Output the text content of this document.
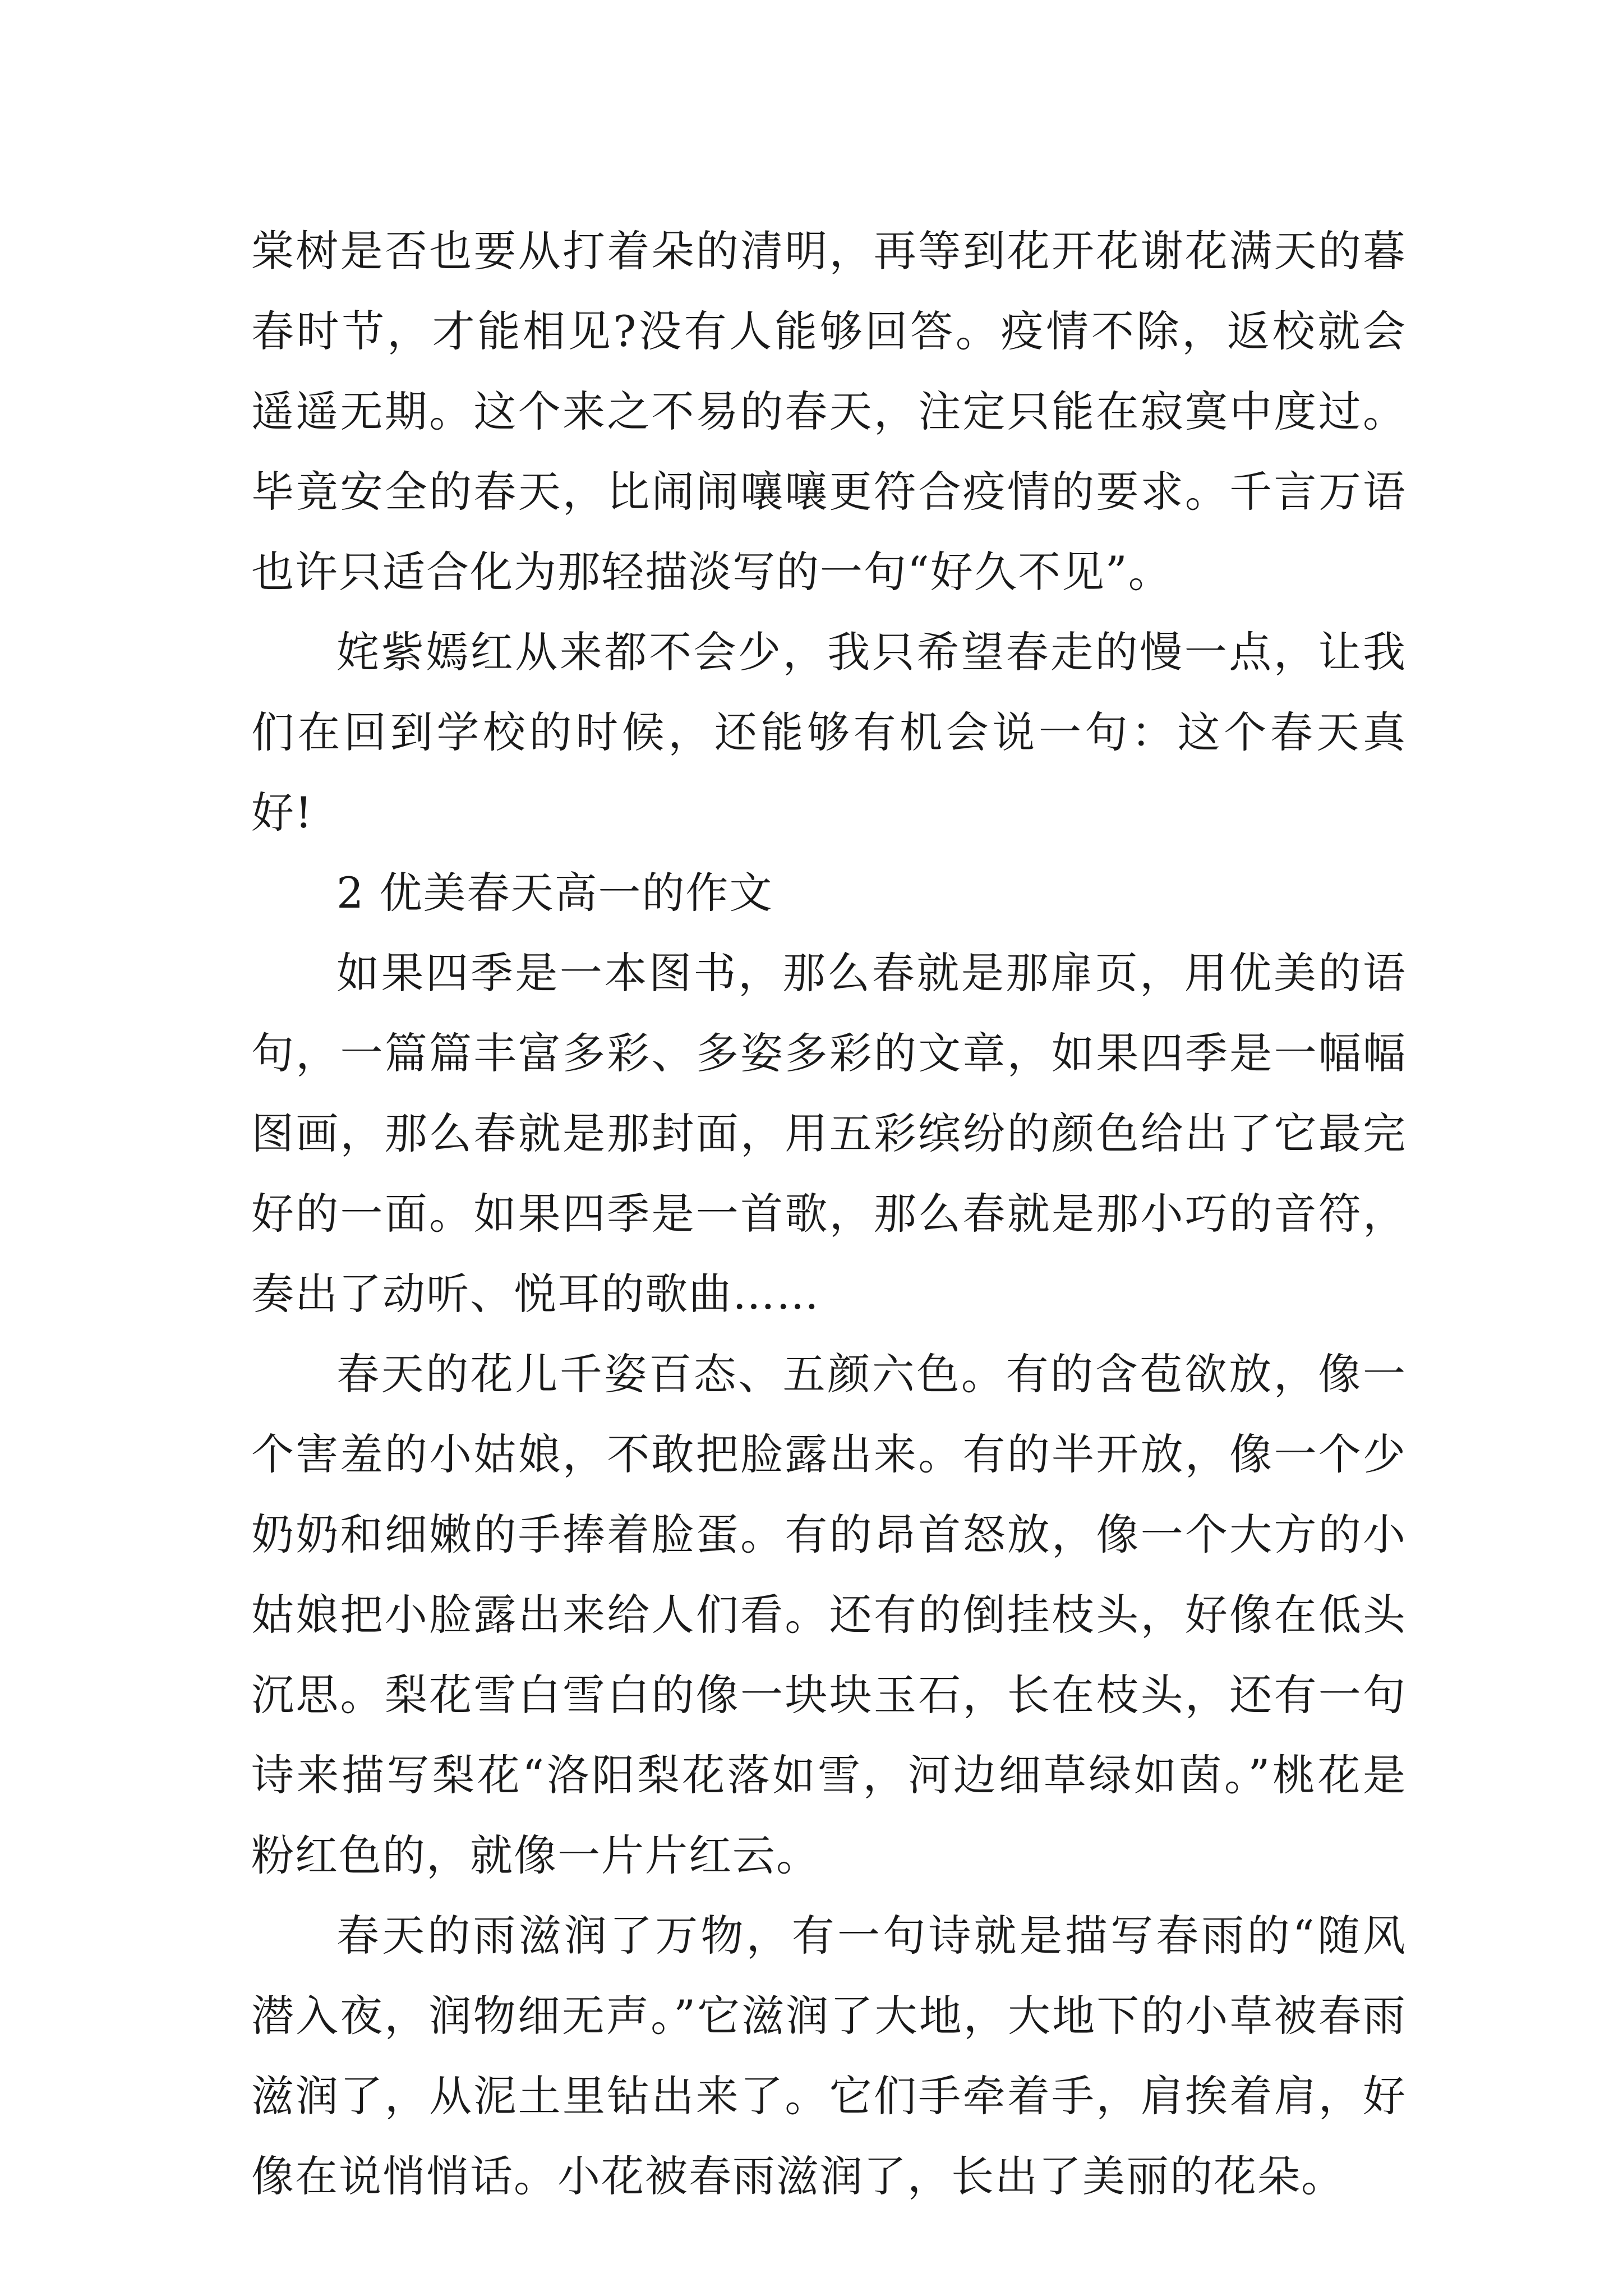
棠树是否也要从打着朵的清明，再等到花开花谢花满天的暮春时节，才能相见?没有人能够回答。疫情不除，返校就会遥遥无期。这个来之不易的春天，注定只能在寂寞中度过。毕竟安全的春天，比闹闹嚷嚷更符合疫情的要求。千言万语也许只适合化为那轻描淡写的一句“好久不见”。

姹紫嫣红从来都不会少，我只希望春走的慢一点，让我们在回到学校的时候，还能够有机会说一句：这个春天真好!

2 优美春天高一的作文

如果四季是一本图书，那么春就是那扉页，用优美的语句，一篇篇丰富多彩、多姿多彩的文章，如果四季是一幅幅图画，那么春就是那封面，用五彩缤纷的颜色给出了它最完好的一面。如果四季是一首歌，那么春就是那小巧的音符，奏出了动听、悦耳的歌曲……

春天的花儿千姿百态、五颜六色。有的含苞欲放，像一个害羞的小姑娘，不敢把脸露出来。有的半开放，像一个少奶奶和细嫩的手捧着脸蛋。有的昂首怒放，像一个大方的小姑娘把小脸露出来给人们看。还有的倒挂枝头，好像在低头沉思。梨花雪白雪白的像一块块玉石，长在枝头，还有一句诗来描写梨花“洛阳梨花落如雪，河边细草绿如茵。”桃花是粉红色的，就像一片片红云。

春天的雨滋润了万物，有一句诗就是描写春雨的“随风潜入夜，润物细无声。”它滋润了大地，大地下的小草被春雨滋润了，从泥土里钻出来了。它们手牵着手，肩挨着肩，好像在说悄悄话。小花被春雨滋润了，长出了美丽的花朵。
